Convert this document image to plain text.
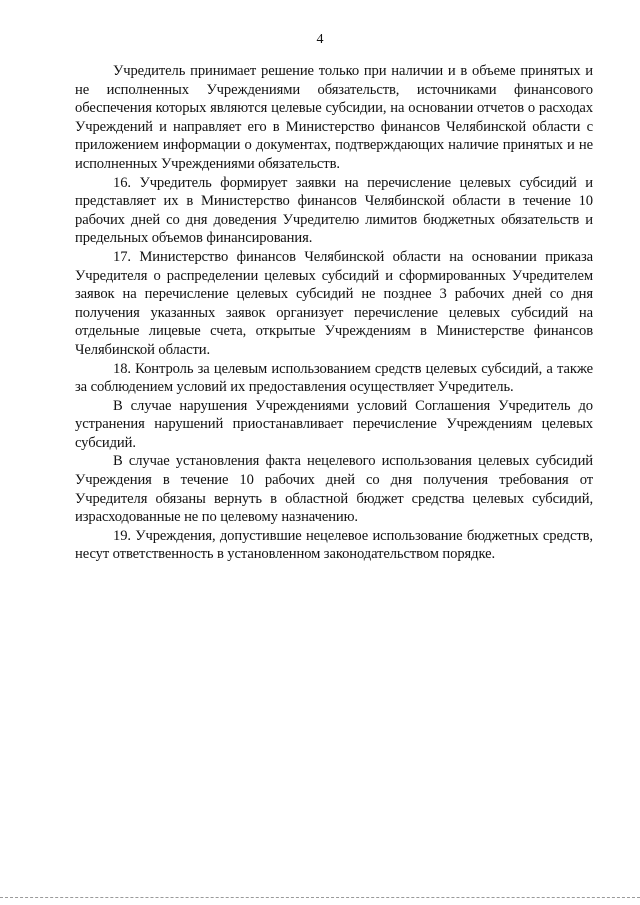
4

Учредитель принимает решение только при наличии и в объеме принятых и не исполненных Учреждениями обязательств, источниками финансового обеспечения которых являются целевые субсидии, на основании отчетов о расходах Учреждений и направляет его в Министерство финансов Челябинской области с приложением информации о документах, подтверждающих наличие принятых и не исполненных Учреждениями обязательств.

16. Учредитель формирует заявки на перечисление целевых субсидий и представляет их в Министерство финансов Челябинской области в течение 10 рабочих дней со дня доведения Учредителю лимитов бюджетных обязательств и предельных объемов финансирования.

17. Министерство финансов Челябинской области на основании приказа Учредителя о распределении целевых субсидий и сформированных Учредителем заявок на перечисление целевых субсидий не позднее 3 рабочих дней со дня получения указанных заявок организует перечисление целевых субсидий на отдельные лицевые счета, открытые Учреждениям в Министерстве финансов Челябинской области.

18. Контроль за целевым использованием средств целевых субсидий, а также за соблюдением условий их предоставления осуществляет Учредитель.

В случае нарушения Учреждениями условий Соглашения Учредитель до устранения нарушений приостанавливает перечисление Учреждениям целевых субсидий.

В случае установления факта нецелевого использования целевых субсидий Учреждения в течение 10 рабочих дней со дня получения требования от Учредителя обязаны вернуть в областной бюджет средства целевых субсидий, израсходованные не по целевому назначению.

19. Учреждения, допустившие нецелевое использование бюджетных средств, несут ответственность в установленном законодательством порядке.
